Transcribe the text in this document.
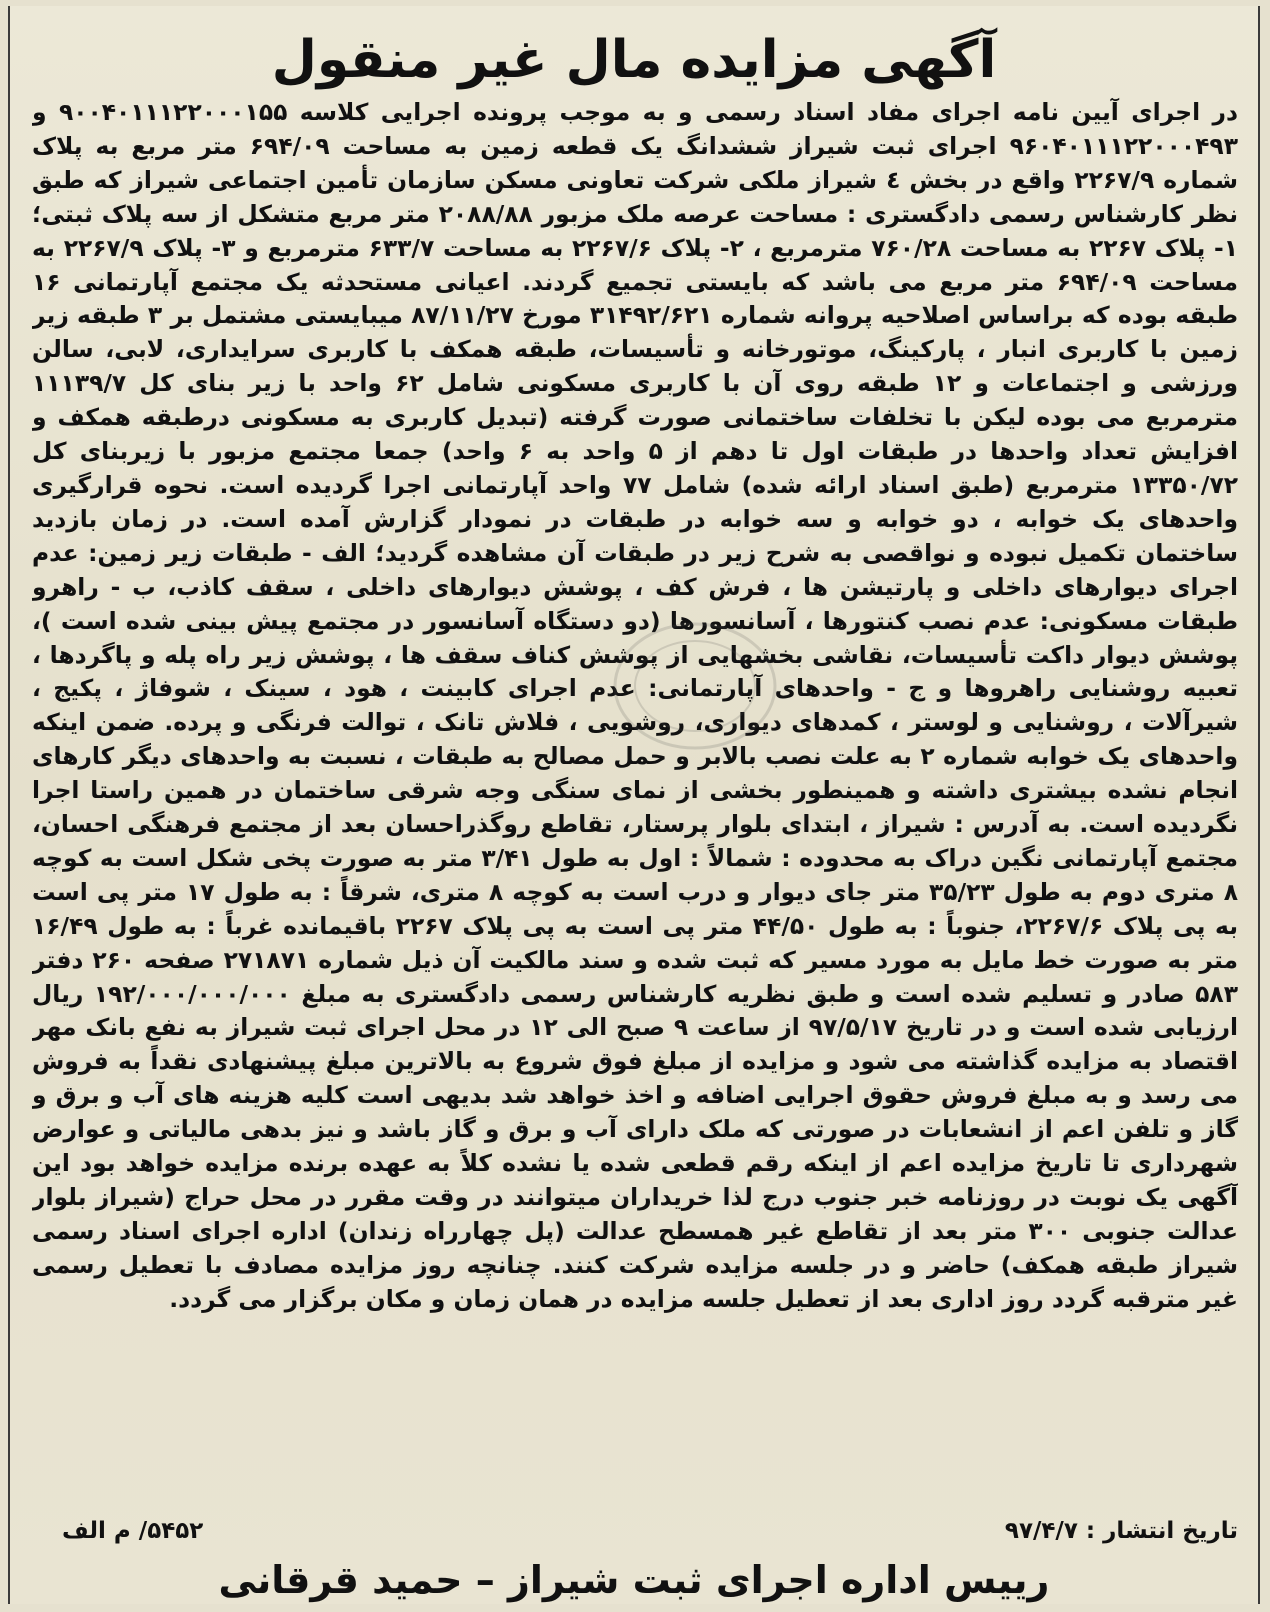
آگهی مزایده مال غیر منقول

در اجرای آیین نامه اجرای مفاد اسناد رسمی و به موجب پرونده اجرایی کلاسه ۹۰۰۴۰۱۱۱۲۲۰۰۰۱۵۵ و ۹۶۰۴۰۱۱۱۲۲۰۰۰۴۹۳ اجرای ثبت شیراز ششدانگ یک قطعه زمین به مساحت ۶۹۴/۰۹ متر مربع به پلاک شماره ۲۲۶۷/۹ واقع در بخش ٤ شیراز ملکی شرکت تعاونی مسکن سازمان تأمین اجتماعی شیراز که طبق نظر کارشناس رسمی دادگستری : مساحت عرصه ملک مزبور ۲۰۸۸/۸۸ متر مربع متشکل از سه پلاک ثبتی؛۱- پلاک ۲۲۶۷ به مساحت ۷۶۰/۲۸ مترمربع ، ۲- پلاک ۲۲۶۷/۶ به مساحت ۶۳۳/۷ مترمربع و ۳- پلاک ۲۲۶۷/۹ به مساحت ۶۹۴/۰۹ متر مربع می باشد که بایستی تجمیع گردند. اعیانی مستحدثه یک مجتمع آپارتمانی ۱۶ طبقه بوده که براساس اصلاحیه پروانه شماره ۳۱۴۹۲/۶۲۱ مورخ ۸۷/۱۱/۲۷ میبایستی مشتمل بر ۳ طبقه زیر زمین با کاربری انبار ، پارکینگ، موتورخانه و تأسیسات، طبقه همکف با کاربری سرایداری، لابی، سالن ورزشی و اجتماعات و ۱۲ طبقه روی آن با کاربری مسکونی شامل ۶۲ واحد با زیر بنای کل ۱۱۱۳۹/۷ مترمربع می بوده لیکن با تخلفات ساختمانی صورت گرفته (تبدیل کاربری به مسکونی درطبقه همکف و افزایش تعداد واحدها در طبقات اول تا دهم از ۵ واحد به ۶ واحد) جمعا مجتمع مزبور با زیربنای کل ۱۳۳۵۰/۷۲ مترمربع (طبق اسناد ارائه شده) شامل ۷۷ واحد آپارتمانی اجرا گردیده است. نحوه قرارگیری واحدهای یک خوابه ، دو خوابه و سه خوابه در طبقات در نمودار گزارش آمده است. در زمان بازدید ساختمان تکمیل نبوده و نواقصی به شرح زیر در طبقات آن مشاهده گردید؛ الف - طبقات زیر زمین: عدم اجرای دیوارهای داخلی و پارتیشن ها ، فرش کف ، پوشش دیوارهای داخلی ، سقف کاذب، ب - راهرو طبقات مسکونی: عدم نصب کنتورها ، آسانسورها (دو دستگاه آسانسور در مجتمع پیش بینی شده است )، پوشش دیوار داکت تأسیسات، نقاشی بخشهایی از پوشش کناف سقف ها ، پوشش زیر راه پله و پاگردها ، تعبیه روشنایی راهروها و ج - واحدهای آپارتمانی: عدم اجرای کابینت ، هود ، سینک ، شوفاژ ، پکیج ، شیرآلات ، روشنایی و لوستر ، کمدهای دیواری، روشویی ، فلاش تانک ، توالت فرنگی و پرده. ضمن اینکه واحدهای یک خوابه شماره ۲ به علت نصب بالابر و حمل مصالح به طبقات ، نسبت به واحدهای دیگر کارهای انجام نشده بیشتری داشته و همینطور بخشی از نمای سنگی وجه شرقی ساختمان در همین راستا اجرا نگردیده است. به آدرس : شیراز ، ابتدای بلوار پرستار، تقاطع روگذراحسان بعد از مجتمع فرهنگی احسان، مجتمع آپارتمانی نگین دراک به محدوده : شمالاً : اول به طول ۳/۴۱ متر به صورت پخی شکل است به کوچه ۸ متری دوم به طول ۳۵/۲۳ متر جای دیوار و درب است به کوچه ۸ متری، شرقاً : به طول ۱۷ متر پی است به پی پلاک ۲۲۶۷/۶، جنوباً : به طول ۴۴/۵۰ متر پی است به پی پلاک ۲۲۶۷ باقیمانده غرباً : به طول ۱۶/۴۹ متر به صورت خط مایل به مورد مسیر که ثبت شده و سند مالکیت آن ذیل شماره ۲۷۱۸۷۱ صفحه ۲۶۰ دفتر ۵۸۳ صادر و تسلیم شده است و طبق نظریه کارشناس رسمی دادگستری به مبلغ ۱۹۲/۰۰۰/۰۰۰/۰۰۰ ریال ارزیابی شده است و در تاریخ ۹۷/۵/۱۷ از ساعت ۹ صبح الی ۱۲ در محل اجرای ثبت شیراز به نفع بانک مهر اقتصاد به مزایده گذاشته می شود و مزایده از مبلغ فوق شروع به بالاترین مبلغ پیشنهادی نقداً به فروش می رسد و به مبلغ فروش حقوق اجرایی اضافه و اخذ خواهد شد بدیهی است کلیه هزینه های آب و برق و گاز و تلفن اعم از انشعابات در صورتی که ملک دارای آب و برق و گاز باشد و نیز بدهی مالیاتی و عوارض شهرداری تا تاریخ مزایده اعم از اینکه رقم قطعی شده یا نشده کلاً به عهده برنده مزایده خواهد بود این آگهی یک نوبت در روزنامه خبر جنوب درج لذا خریداران میتوانند در وقت مقرر در محل حراج (شیراز بلوار عدالت جنوبی ۳۰۰ متر بعد از تقاطع غیر همسطح عدالت (پل چهارراه زندان) اداره اجرای اسناد رسمی شیراز طبقه همکف) حاضر و در جلسه مزایده شرکت کنند. چنانچه روز مزایده مصادف با تعطیل رسمی غیر مترقبه گردد روز اداری بعد از تعطیل جلسه مزایده در همان زمان و مکان برگزار می گردد.

تاریخ انتشار : ۹۷/۴/۷
۵۴۵۲/ م الف
رییس اداره اجرای ثبت شیراز – حمید قرقانی
